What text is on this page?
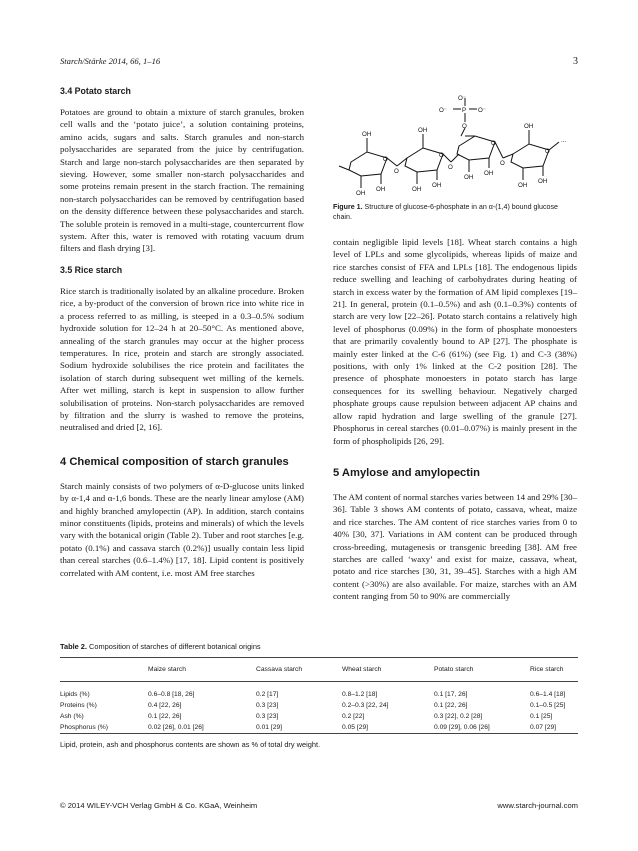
Starch/Stärke 2014, 66, 1–16	3
3.4 Potato starch

Potatoes are ground to obtain a mixture of starch granules, broken cell walls and the ‘potato juice’, a solution containing proteins, amino acids, sugars and salts. Starch granules and non-starch polysaccharides are separated from the juice by centrifugation. Starch and large non-starch polysaccharides are then separated by sieving. However, some smaller non-starch polysaccharides and some proteins remain present in the starch fraction. The remaining non-starch polysaccharides can be removed by centrifugation based on the density difference between these polysaccharides and starch. The soluble protein is removed in a multi-stage, countercurrent flow system. After this, water is removed with rotating vacuum drum filters and flash drying [3].

3.5 Rice starch

Rice starch is traditionally isolated by an alkaline procedure. Broken rice, a by-product of the conversion of brown rice into white rice in a process referred to as milling, is steeped in a 0.3–0.5% sodium hydroxide solution for 12–24 h at 20–50°C. As mentioned above, annealing of the starch granules may occur at the higher process temperatures. In rice, protein and starch are strongly associated. Sodium hydroxide solubilises the rice protein and facilitates the isolation of starch during subsequent wet milling of the kernels. After wet milling, starch is kept in suspension to allow further solubilisation of proteins. Non-starch polysaccharides are removed by filtration and the slurry is washed to remove the proteins, neutralised and dried [2, 16].

4 Chemical composition of starch granules

Starch mainly consists of two polymers of α-D-glucose units linked by α-1,4 and α-1,6 bonds. These are the nearly linear amylose (AM) and highly branched amylopectin (AP). In addition, starch contains minor constituents (lipids, proteins and minerals) of which the levels vary with the botanical origin (Table 2). Tuber and root starches [e.g. potato (0.1%) and cassava starch (0.2%)] usually contain less lipid than cereal starches (0.6–1.4%) [17, 18]. Lipid content is positively correlated with AM content, i.e. most AM free starches

O⁻
O⁻ P O⁻
O
OH
OH
OH
O
O
O
O
O
O
O
OH
OH	OH
OH
OH
OH
OH
OH
...
Figure 1. Structure of glucose-6-phosphate in an α-(1,4) bound glucose chain.

contain negligible lipid levels [18]. Wheat starch contains a high level of LPLs and some glycolipids, whereas lipids of maize and rice starches consist of FFA and LPLs [18]. The endogenous lipids reduce swelling and leaching of carbohydrates during heating of starch in excess water by the formation of AM lipid complexes [19–21]. In general, protein (0.1–0.5%) and ash (0.1–0.3%) contents of starch are very low [22–26]. Potato starch contains a relatively high level of phosphorus (0.09%) in the form of phosphate monoesters that are primarily covalently bound to AP [27]. The phosphate is mainly ester linked at the C-6 (61%) (see Fig. 1) and C-3 (38%) positions, with only 1% linked at the C-2 position [28]. The presence of phosphate monoesters in potato starch has large consequences for its swelling behaviour. Negatively charged phosphate groups cause repulsion between adjacent AP chains and allow rapid hydration and large swelling of the granule [27]. Phosphorus in cereal starches (0.01–0.07%) is mainly present in the form of phospholipids [26, 29].

5 Amylose and amylopectin

The AM content of normal starches varies between 14 and 29% [30–36]. Table 3 shows AM contents of potato, cassava, wheat, maize and rice starches. The AM content of rice starches varies from 0 to 40% [30, 37]. Variations in AM content can be produced through cross-breeding, mutagenesis or transgenic breeding [38]. AM free starches are called ‘waxy’ and exist for maize, cassava, wheat, potato and rice starches [30, 31, 39–45]. Starches with a high AM content (>30%) are also available. For maize, starches with an AM content ranging from 50 to 90% are commercially

Table 2. Composition of starches of different botanical origins
	Maize starch	Cassava starch	Wheat starch	Potato starch	Rice starch
Lipids (%)	0.6–0.8 [18, 26]	0.2 [17]	0.8–1.2 [18]	0.1 [17, 26]	0.6–1.4 [18]
Proteins (%)	0.4 [22, 26]	0.3 [23]	0.2–0.3 [22, 24]	0.1 [22, 26]	0.1–0.5 [25]
Ash (%)	0.1 [22, 26]	0.3 [23]	0.2 [22]	0.3 [22], 0.2 [28]	0.1 [25]
Phosphorus (%)	0.02 [26], 0.01 [26]	0.01 [29]	0.05 [29]	0.09 [29], 0.06 [26]	0.07 [29]
Lipid, protein, ash and phosphorus contents are shown as % of total dry weight.					
© 2014 WILEY-VCH Verlag GmbH & Co. KGaA, Weinheim	www.starch-journal.com
